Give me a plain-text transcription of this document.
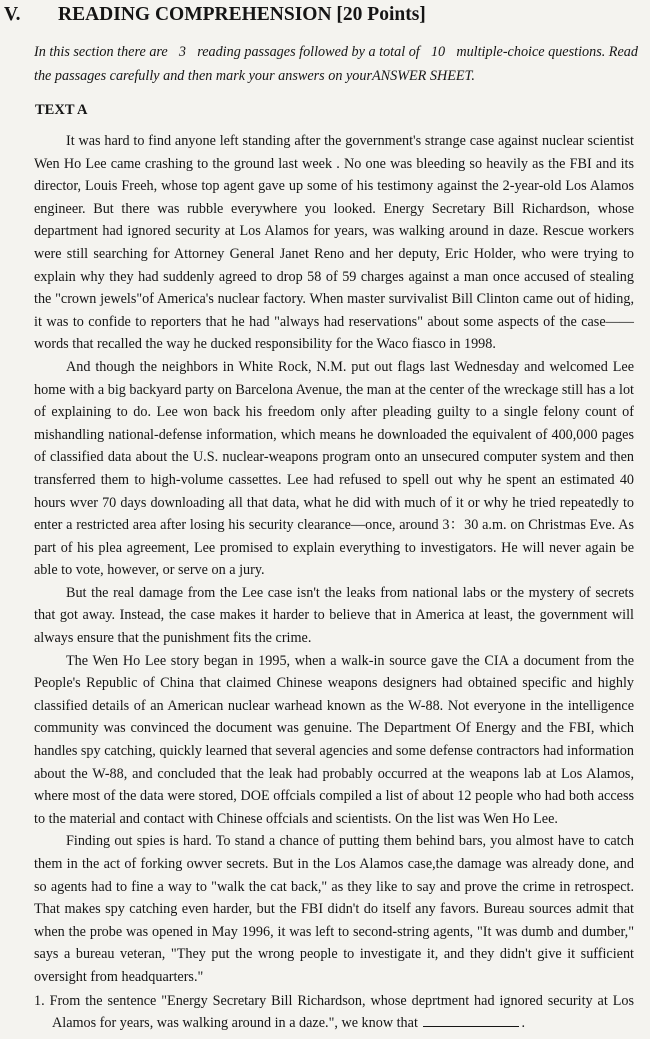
V. READING COMPREHENSION [20 Points]
In this section there are 3 reading passages followed by a total of 10 multiple-choice questions. Read
the passages carefully and then mark your answers on your ANSWER SHEET.
TEXT A

It was hard to find anyone left standing after the government's strange case against nuclear scientist Wen Ho Lee came crashing to the ground last week . No one was bleeding so heavily as the FBI and its director, Louis Freeh, whose top agent gave up some of his testimony against the 2-year-old Los Alamos engineer. But there was rubble everywhere you looked. Energy Secretary Bill Richardson, whose department had ignored security at Los Alamos for years, was walking around in daze. Rescue workers were still searching for Attorney General Janet Reno and her deputy, Eric Holder, who were trying to explain why they had suddenly agreed to drop 58 of 59 charges against a man once accused of stealing the "crown jewels"of America's nuclear factory. When master survivalist Bill Clinton came out of hiding, it was to confide to reporters that he had "always had reservations" about some aspects of the case——words that recalled the way he ducked responsibility for the Waco fiasco in 1998.

And though the neighbors in White Rock, N.M. put out flags last Wednesday and welcomed Lee home with a big backyard party on Barcelona Avenue, the man at the center of the wreckage still has a lot of explaining to do. Lee won back his freedom only after pleading guilty to a single felony count of mishandling national-defense information, which means he downloaded the equivalent of 400,000 pages of classified data about the U.S. nuclear-weapons program onto an unsecured computer system and then transferred them to high-volume cassettes. Lee had refused to spell out why he spent an estimated 40 hours wver 70 days downloading all that data, what he did with much of it or why he tried repeatedly to enter a restricted area after losing his security clearance—once, around 3：30 a.m. on Christmas Eve. As part of his plea agreement, Lee promised to explain everything to investigators. He will never again be able to vote, however, or serve on a jury.

But the real damage from the Lee case isn't the leaks from national labs or the mystery of secrets that got away. Instead, the case makes it harder to believe that in America at least, the government will always ensure that the punishment fits the crime.

The Wen Ho Lee story began in 1995, when a walk-in source gave the CIA a document from the People's Republic of China that claimed Chinese weapons designers had obtained specific and highly classified details of an American nuclear warhead known as the W-88. Not everyone in the intelligence community was convinced the document was genuine. The Department Of Energy and the FBI, which handles spy catching, quickly learned that several agencies and some defense contractors had information about the W-88, and concluded that the leak had probably occurred at the weapons lab at Los Alamos, where most of the data were stored, DOE offcials compiled a list of about 12 people who had both access to the material and contact with Chinese offcials and scientists. On the list was Wen Ho Lee.

Finding out spies is hard. To stand a chance of putting them behind bars, you almost have to catch them in the act of forking owver secrets. But in the Los Alamos case,the damage was already done, and so agents had to fine a way to "walk the cat back," as they like to say and prove the crime in retrospect. That makes spy catching even harder, but the FBI didn't do itself any favors. Bureau sources admit that when the probe was opened in May 1996, it was left to second-string agents, "It was dumb and dumber," says a bureau veteran, "They put the wrong people to investigate it, and they didn't give it sufficient oversight from headquarters."

1. From the sentence "Energy Secretary Bill Richardson, whose deprtment had ignored security at Los Alamos for years, was walking around in a daze.", we know that	.
